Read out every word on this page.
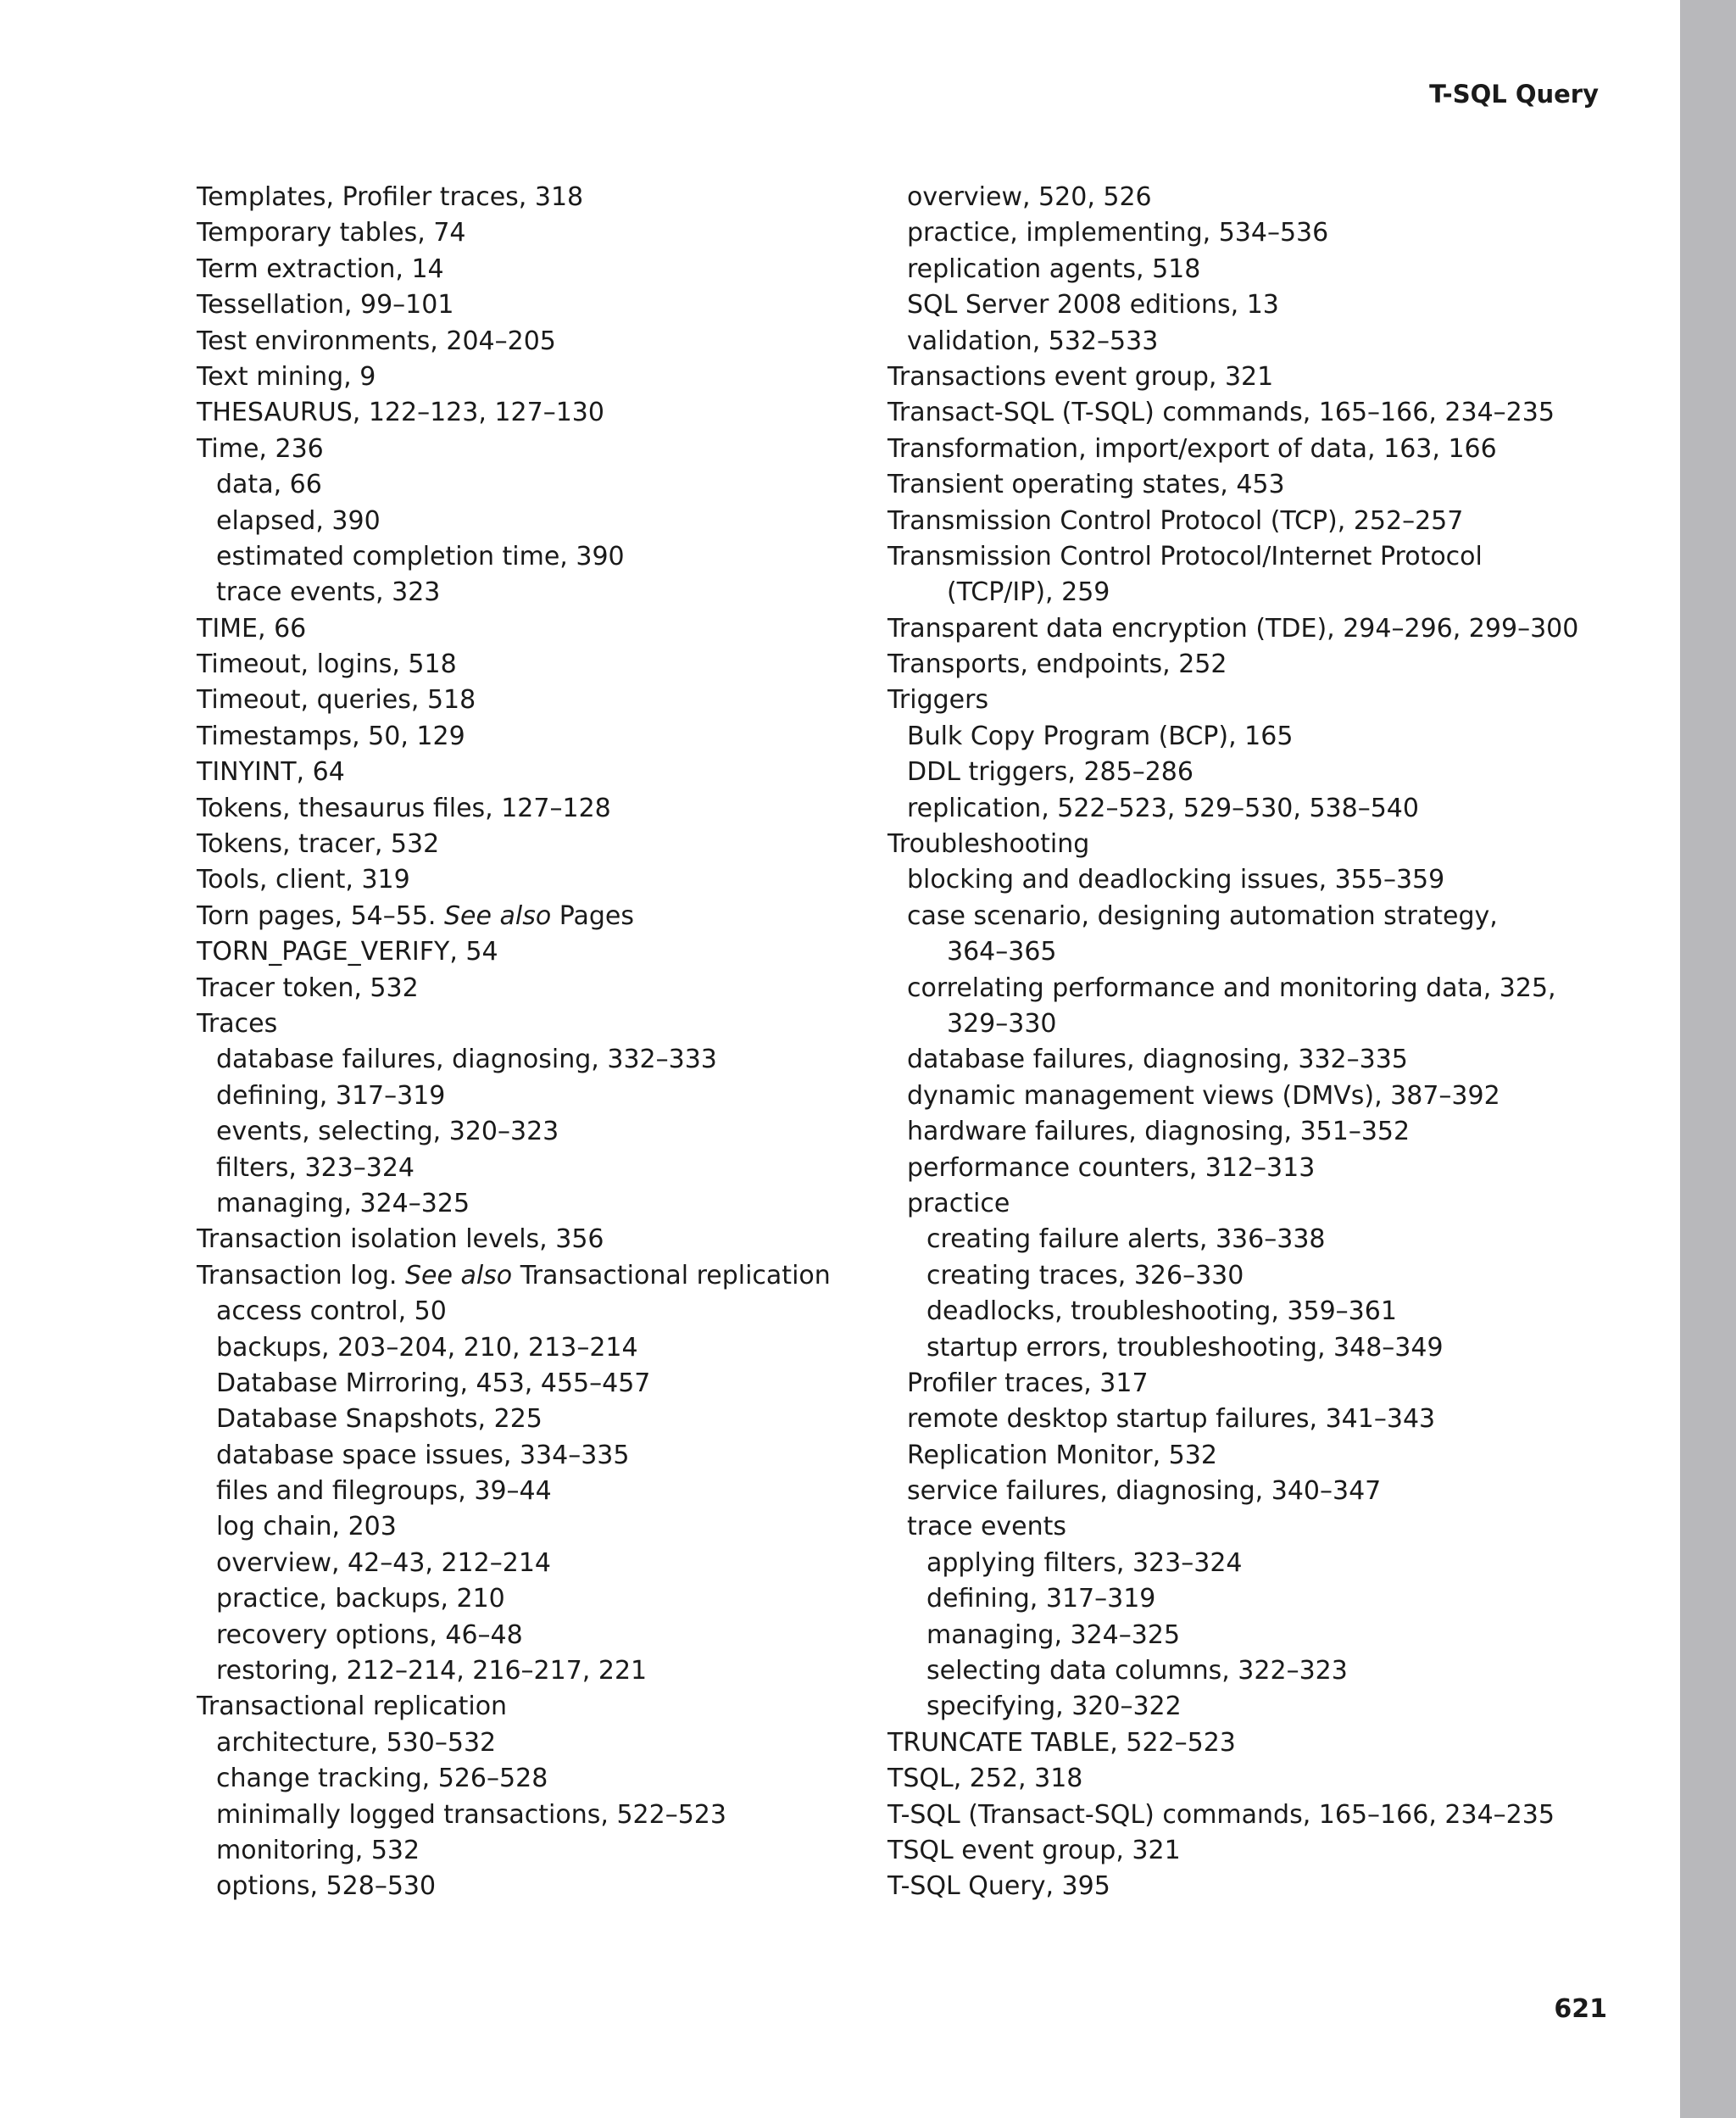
T-SQL Query
Templates, Profiler traces, 318
Temporary tables, 74
Term extraction, 14
Tessellation, 99–101
Test environments, 204–205
Text mining, 9
THESAURUS, 122–123, 127–130
Time, 236
data, 66
elapsed, 390
estimated completion time, 390
trace events, 323
TIME, 66
Timeout, logins, 518
Timeout, queries, 518
Timestamps, 50, 129
TINYINT, 64
Tokens, thesaurus files, 127–128
Tokens, tracer, 532
Tools, client, 319
Torn pages, 54–55. See also Pages
TORN_PAGE_VERIFY, 54
Tracer token, 532
Traces
database failures, diagnosing, 332–333
defining, 317–319
events, selecting, 320–323
filters, 323–324
managing, 324–325
Transaction isolation levels, 356
Transaction log. See also Transactional replication
access control, 50
backups, 203–204, 210, 213–214
Database Mirroring, 453, 455–457
Database Snapshots, 225
database space issues, 334–335
files and filegroups, 39–44
log chain, 203
overview, 42–43, 212–214
practice, backups, 210
recovery options, 46–48
restoring, 212–214, 216–217, 221
Transactional replication
architecture, 530–532
change tracking, 526–528
minimally logged transactions, 522–523
monitoring, 532
options, 528–530
overview, 520, 526
practice, implementing, 534–536
replication agents, 518
SQL Server 2008 editions, 13
validation, 532–533
Transactions event group, 321
Transact-SQL (T-SQL) commands, 165–166, 234–235
Transformation, import/export of data, 163, 166
Transient operating states, 453
Transmission Control Protocol (TCP), 252–257
Transmission Control Protocol/Internet Protocol
(TCP/IP), 259
Transparent data encryption (TDE), 294–296, 299–300
Transports, endpoints, 252
Triggers
Bulk Copy Program (BCP), 165
DDL triggers, 285–286
replication, 522–523, 529–530, 538–540
Troubleshooting
blocking and deadlocking issues, 355–359
case scenario, designing automation strategy,
364–365
correlating performance and monitoring data, 325,
329–330
database failures, diagnosing, 332–335
dynamic management views (DMVs), 387–392
hardware failures, diagnosing, 351–352
performance counters, 312–313
practice
creating failure alerts, 336–338
creating traces, 326–330
deadlocks, troubleshooting, 359–361
startup errors, troubleshooting, 348–349
Profiler traces, 317
remote desktop startup failures, 341–343
Replication Monitor, 532
service failures, diagnosing, 340–347
trace events
applying filters, 323–324
defining, 317–319
managing, 324–325
selecting data columns, 322–323
specifying, 320–322
TRUNCATE TABLE, 522–523
TSQL, 252, 318
T-SQL (Transact-SQL) commands, 165–166, 234–235
TSQL event group, 321
T-SQL Query, 395
621
